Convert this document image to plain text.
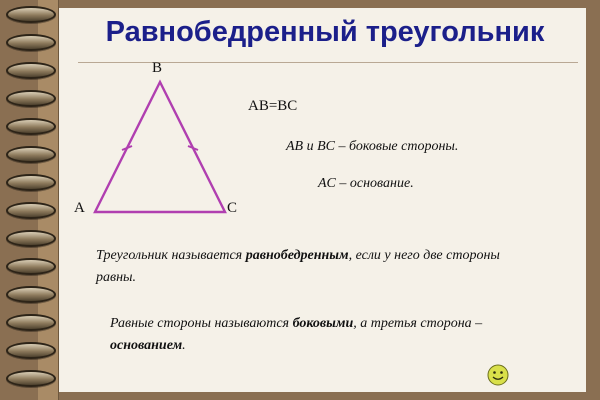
Равнобедренный треугольник
B
A	C
AB=BC
AB и BC – боковые стороны.
AC – основание.
Треугольник называется равнобедренным, если у него две стороны равны.
Равные стороны называются боковыми, а третья сторона – основанием.
